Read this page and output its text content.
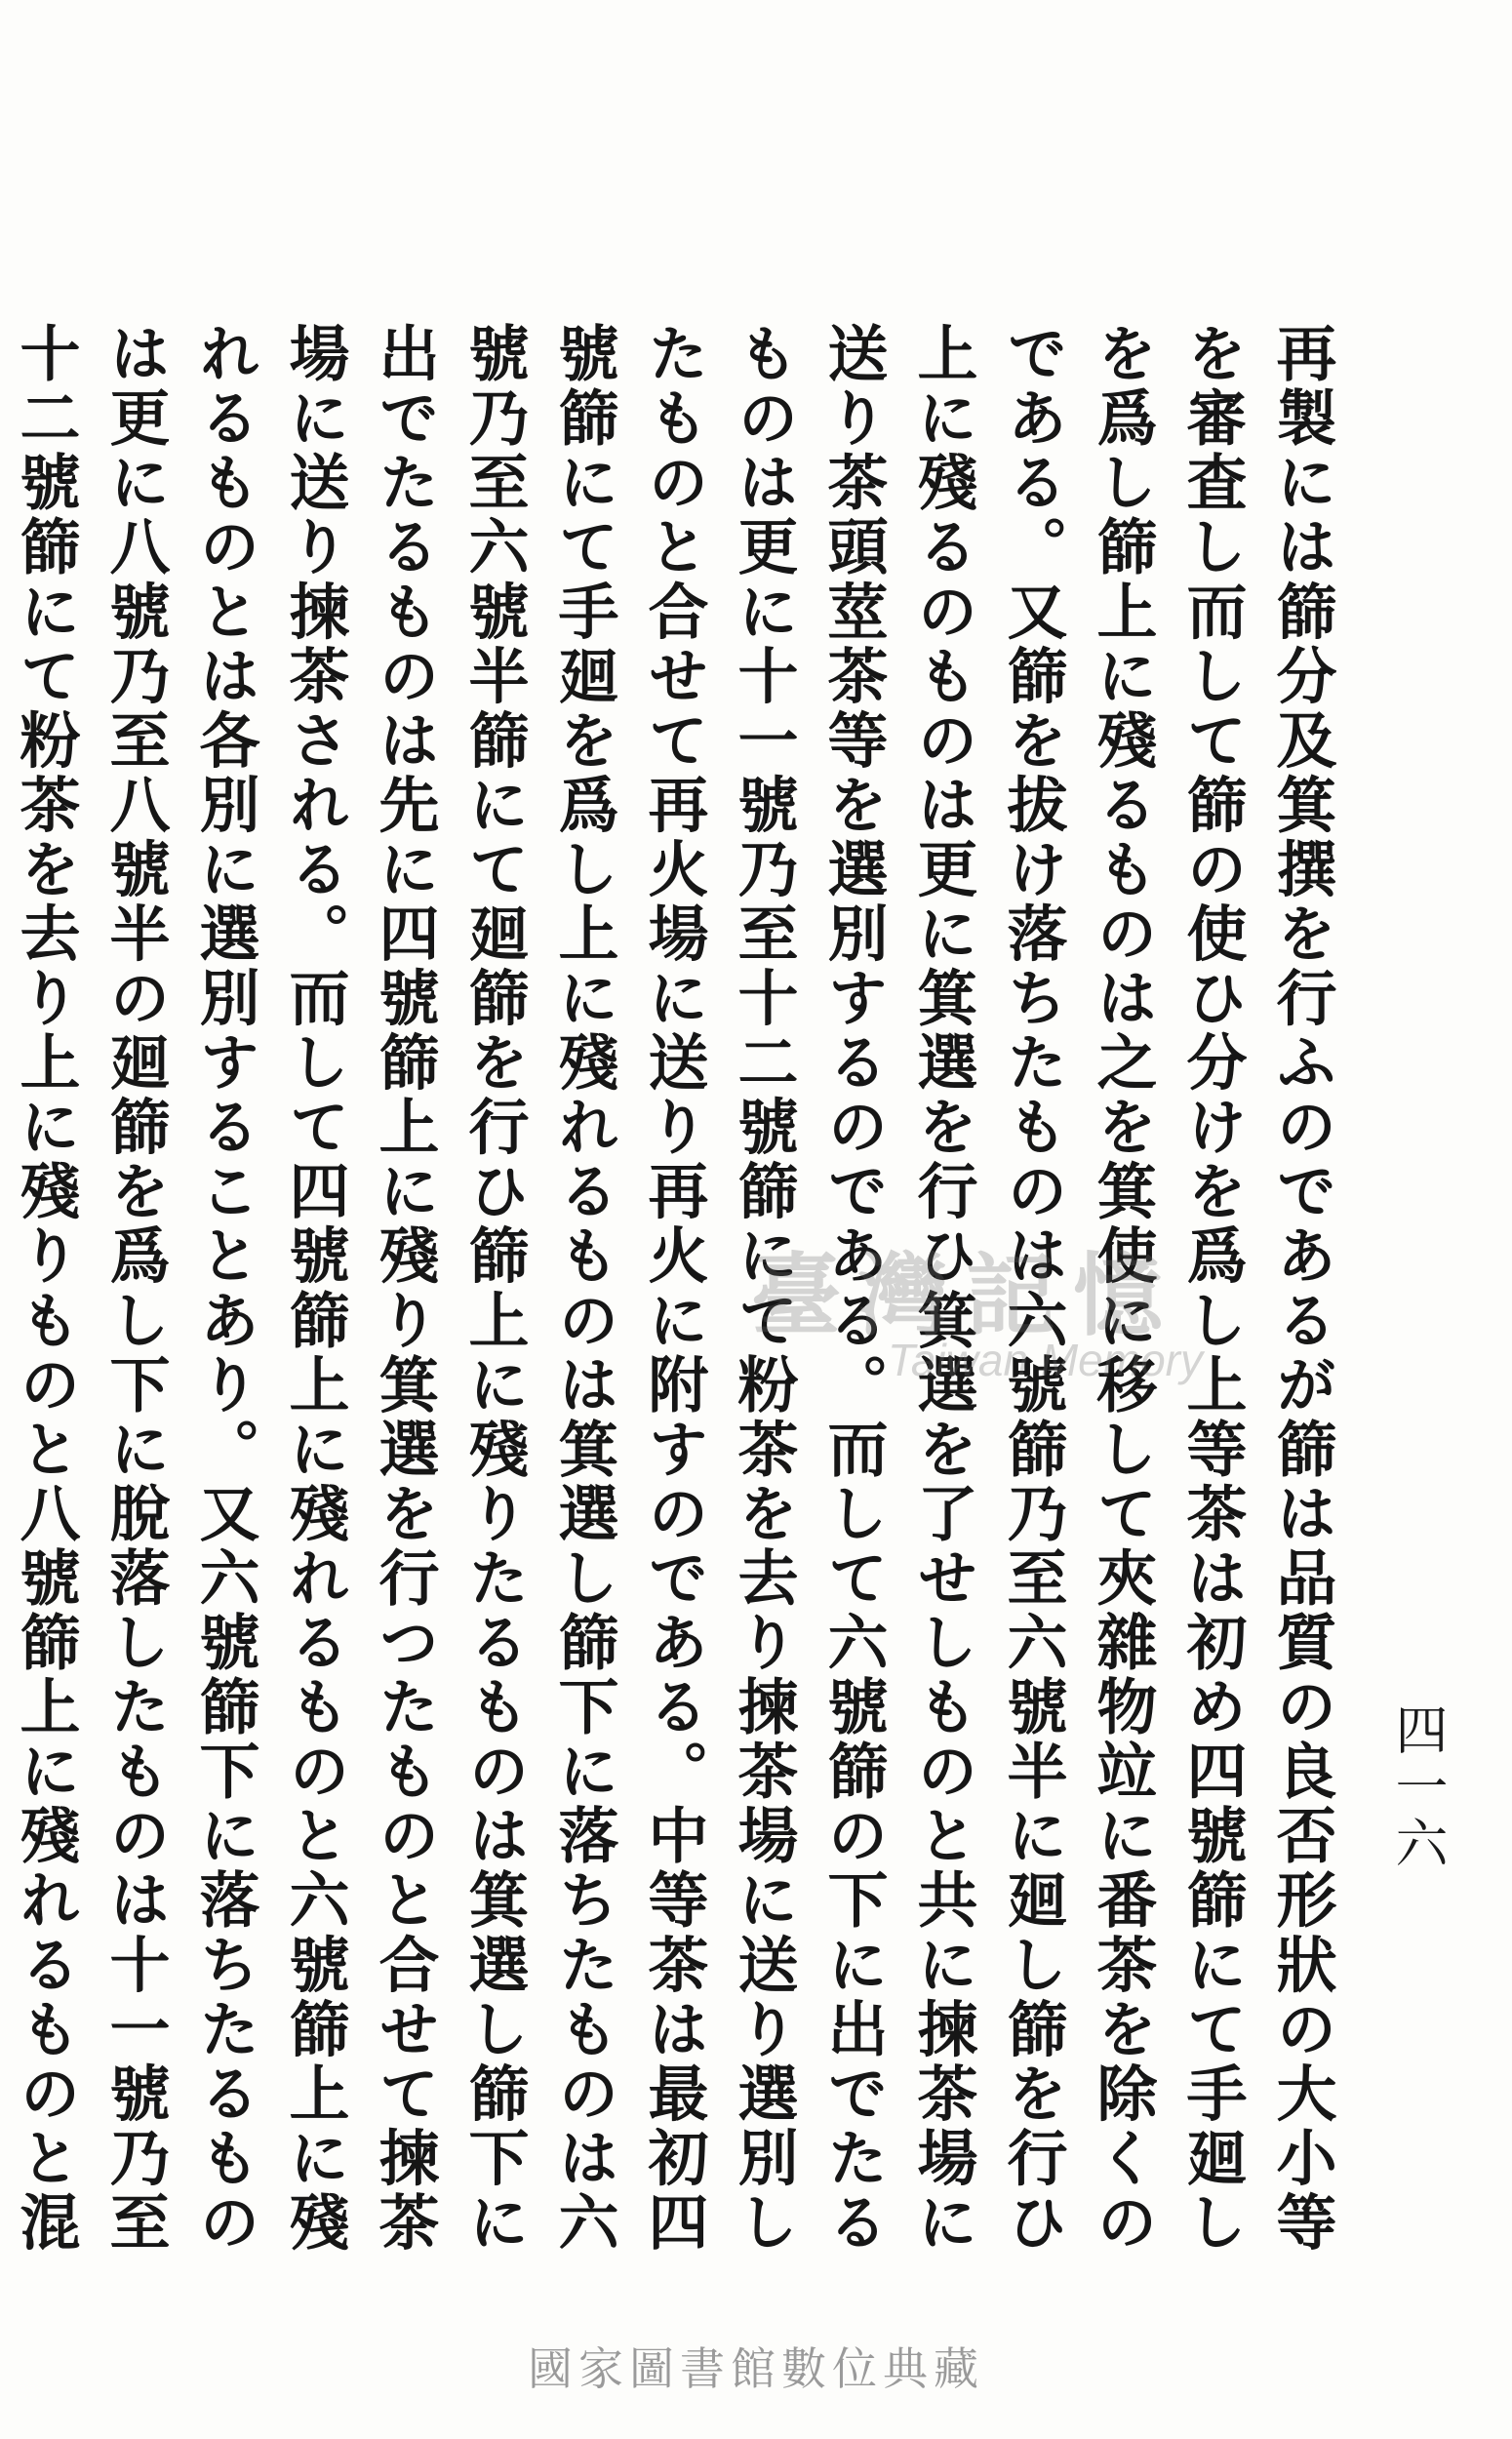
四一六

再製には篩分及箕撰を行ふのであるが篩は品質の良否形狀の大小等を審査し而して篩の使ひ分けを爲し上等茶は初め四號篩にて手廻しを爲し篩上に殘るものは之を箕使に移して夾雜物竝に番茶を除くのである。又篩を拔け落ちたものは六號篩乃至六號半に廻し篩を行ひ上に殘るのものは更に箕選を行ひ箕選を了せしものと共に揀茶場に送り茶頭莖茶等を選別するのである。而して六號篩の下に出でたるものは更に十一號乃至十二號篩にて粉茶を去り揀茶場に送り選別したものと合せて再火場に送り再火に附すのである。中等茶は最初四號篩にて手廻を爲し上に殘れるものは箕選し篩下に落ちたものは六號乃至六號半篩にて廻篩を行ひ篩上に殘りたるものは箕選し篩下に出でたるものは先に四號篩上に殘り箕選を行つたものと合せて揀茶場に送り揀茶される。而して四號篩上に殘れるものと六號篩上に殘れるものとは各別に選別することあり。又六號篩下に落ちたるものは更に八號乃至八號半の廻篩を爲し下に脫落したものは十一號乃至十二號篩にて粉茶を去り上に殘りものと八號篩上に殘れるものと混

臺灣記憶
Taiwan Memory
國家圖書館數位典藏
